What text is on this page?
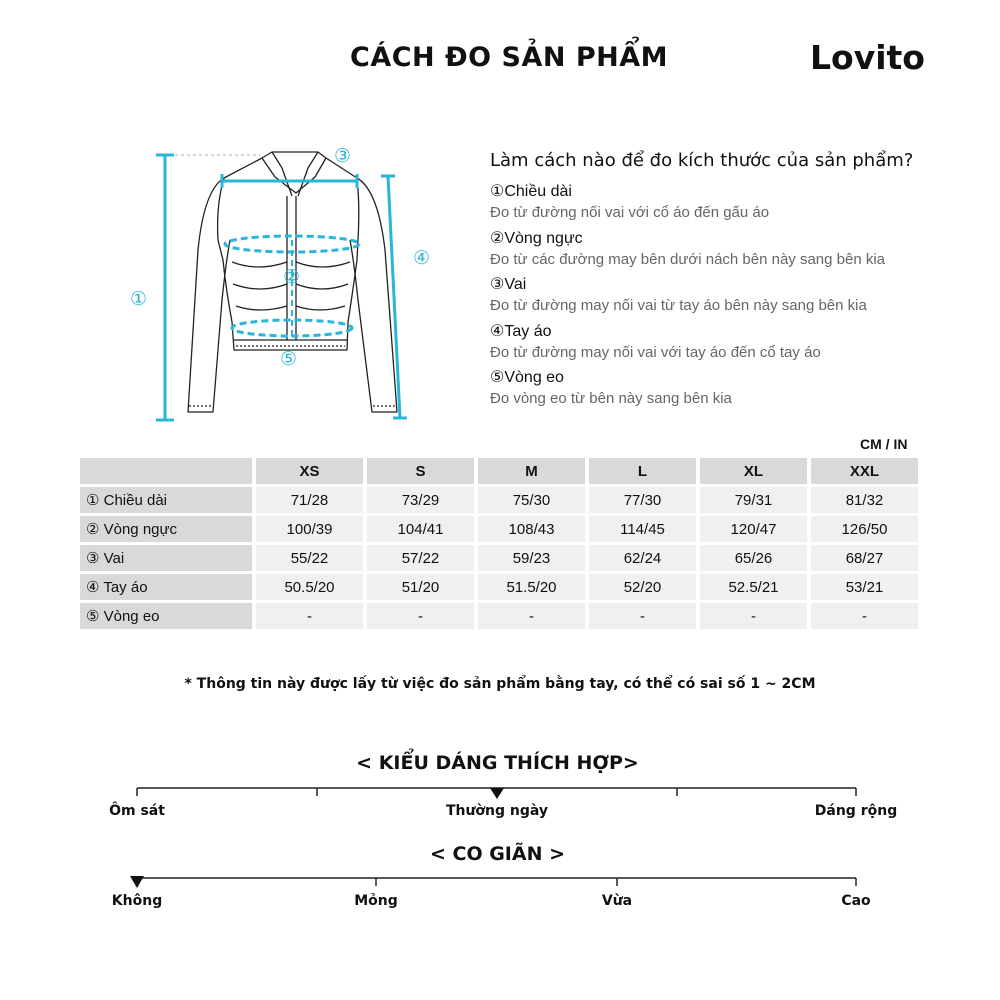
CÁCH ĐO SẢN PHẨM	Lovito
①
②
③
④
⑤
Làm cách nào để đo kích thước của sản phẩm?
①Chiều dài
Đo từ đường nối vai với cổ áo đến gấu áo
②Vòng ngực
Đo từ các đường may bên dưới nách bên này sang bên kia
③Vai
Đo từ đường may nối vai từ tay áo bên này sang bên kia
④Tay áo
Đo từ đường may nối vai với tay áo đến cổ tay áo
⑤Vòng eo
Đo vòng eo từ bên này sang bên kia
CM / IN
	XS	S	M	L	XL	XXL
① Chiều dài	71/28	73/29	75/30	77/30	79/31	81/32
② Vòng ngực	100/39	104/41	108/43	114/45	120/47	126/50
③ Vai	55/22	57/22	59/23	62/24	65/26	68/27
④ Tay áo	50.5/20	51/20	51.5/20	52/20	52.5/21	53/21
⑤ Vòng eo	-	-	-	-	-	-
* Thông tin này được lấy từ việc đo sản phẩm bằng tay, có thể có sai số 1 ~ 2CM
< KIỂU DÁNG THÍCH HỢP>
Ôm sát	Thường ngày	Dáng rộng
< CO GIÃN >
Không	Mỏng	Vừa	Cao
